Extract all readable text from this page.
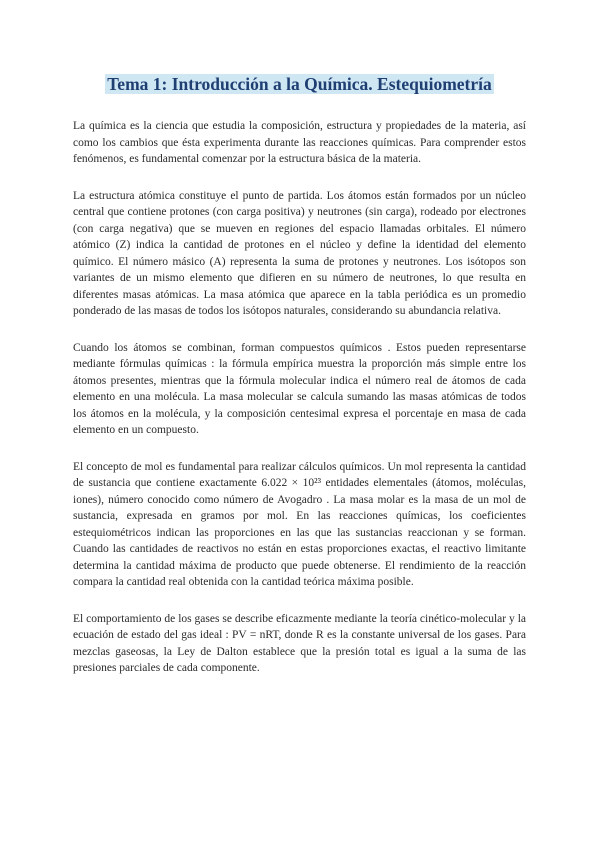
Tema 1: Introducción a la Química. Estequiometría

La química es la ciencia que estudia la composición, estructura y propiedades de la materia, así como los cambios que ésta experimenta durante las reacciones químicas. Para comprender estos fenómenos, es fundamental comenzar por la estructura básica de la materia.

La estructura atómica constituye el punto de partida. Los átomos están formados por un núcleo central que contiene protones (con carga positiva) y neutrones (sin carga), rodeado por electrones (con carga negativa) que se mueven en regiones del espacio llamadas orbitales. El número atómico (Z) indica la cantidad de protones en el núcleo y define la identidad del elemento químico. El número másico (A) representa la suma de protones y neutrones. Los isótopos son variantes de un mismo elemento que difieren en su número de neutrones, lo que resulta en diferentes masas atómicas. La masa atómica que aparece en la tabla periódica es un promedio ponderado de las masas de todos los isótopos naturales, considerando su abundancia relativa.

Cuando los átomos se combinan, forman compuestos químicos . Estos pueden representarse mediante fórmulas químicas : la fórmula empírica muestra la proporción más simple entre los átomos presentes, mientras que la fórmula molecular indica el número real de átomos de cada elemento en una molécula. La masa molecular se calcula sumando las masas atómicas de todos los átomos en la molécula, y la composición centesimal expresa el porcentaje en masa de cada elemento en un compuesto.

El concepto de mol es fundamental para realizar cálculos químicos. Un mol representa la cantidad de sustancia que contiene exactamente 6.022 × 10²³ entidades elementales (átomos, moléculas, iones), número conocido como número de Avogadro . La masa molar es la masa de un mol de sustancia, expresada en gramos por mol. En las reacciones químicas, los coeficientes estequiométricos indican las proporciones en las que las sustancias reaccionan y se forman. Cuando las cantidades de reactivos no están en estas proporciones exactas, el reactivo limitante determina la cantidad máxima de producto que puede obtenerse. El rendimiento de la reacción compara la cantidad real obtenida con la cantidad teórica máxima posible.

El comportamiento de los gases se describe eficazmente mediante la teoría cinético-molecular y la ecuación de estado del gas ideal : PV = nRT, donde R es la constante universal de los gases. Para mezclas gaseosas, la Ley de Dalton establece que la presión total es igual a la suma de las presiones parciales de cada componente.
